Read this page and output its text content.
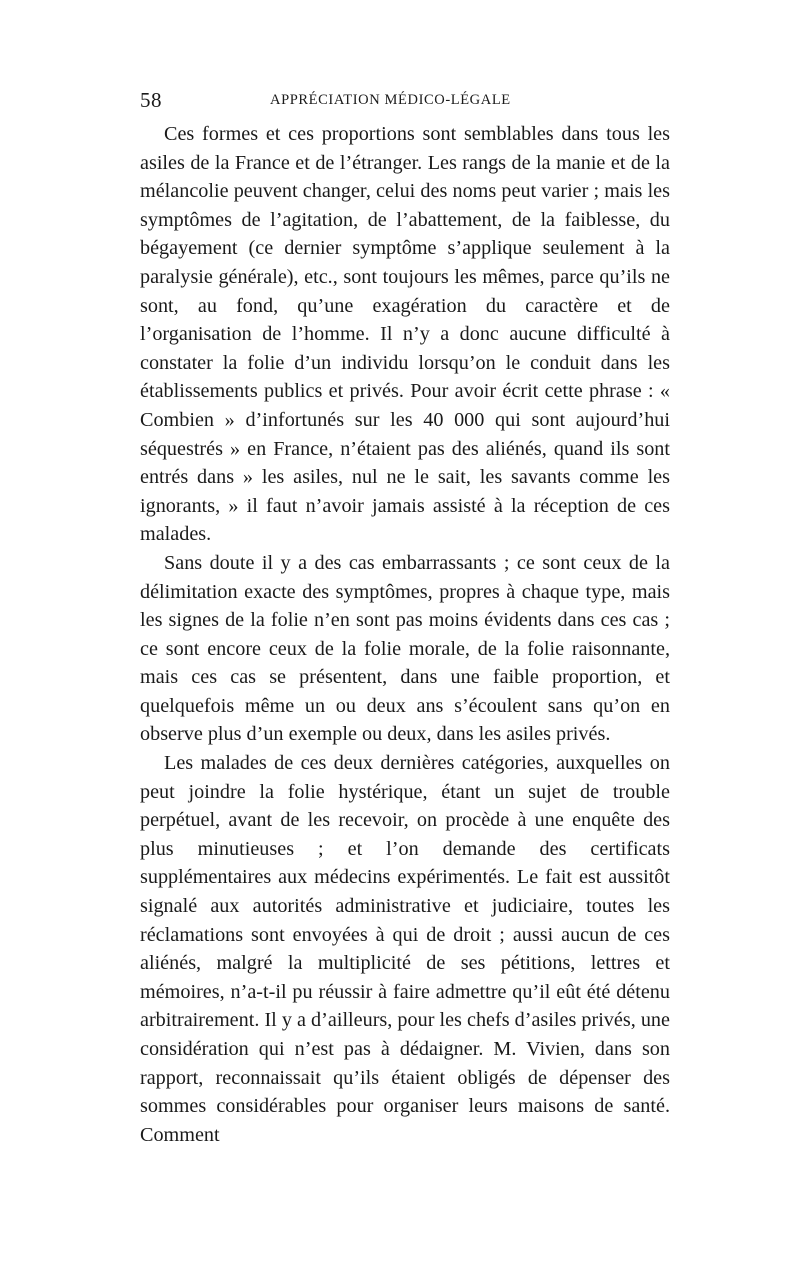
58	APPRÉCIATION MÉDICO-LÉGALE

Ces formes et ces proportions sont semblables dans tous les asiles de la France et de l’étranger. Les rangs de la manie et de la mélancolie peuvent changer, celui des noms peut varier ; mais les symptômes de l’agitation, de l’abattement, de la faiblesse, du bégayement (ce dernier symptôme s’applique seulement à la paralysie générale), etc., sont toujours les mêmes, parce qu’ils ne sont, au fond, qu’une exagération du caractère et de l’organisation de l’homme. Il n’y a donc aucune difficulté à constater la folie d’un individu lorsqu’on le conduit dans les établissements publics et privés. Pour avoir écrit cette phrase : « Combien » d’infortunés sur les 40 000 qui sont aujourd’hui séquestrés » en France, n’étaient pas des aliénés, quand ils sont entrés dans » les asiles, nul ne le sait, les savants comme les ignorants, » il faut n’avoir jamais assisté à la réception de ces malades.

Sans doute il y a des cas embarrassants ; ce sont ceux de la délimitation exacte des symptômes, propres à chaque type, mais les signes de la folie n’en sont pas moins évidents dans ces cas ; ce sont encore ceux de la folie morale, de la folie raisonnante, mais ces cas se présentent, dans une faible proportion, et quelquefois même un ou deux ans s’écoulent sans qu’on en observe plus d’un exemple ou deux, dans les asiles privés.

Les malades de ces deux dernières catégories, auxquelles on peut joindre la folie hystérique, étant un sujet de trouble perpétuel, avant de les recevoir, on procède à une enquête des plus minutieuses ; et l’on demande des certificats supplémentaires aux médecins expérimentés. Le fait est aussitôt signalé aux autorités administrative et judiciaire, toutes les réclamations sont envoyées à qui de droit ; aussi aucun de ces aliénés, malgré la multiplicité de ses pétitions, lettres et mémoires, n’a-t-il pu réussir à faire admettre qu’il eût été détenu arbitrairement. Il y a d’ailleurs, pour les chefs d’asiles privés, une considération qui n’est pas à dédaigner. M. Vivien, dans son rapport, reconnaissait qu’ils étaient obligés de dépenser des sommes considérables pour organiser leurs maisons de santé. Comment
